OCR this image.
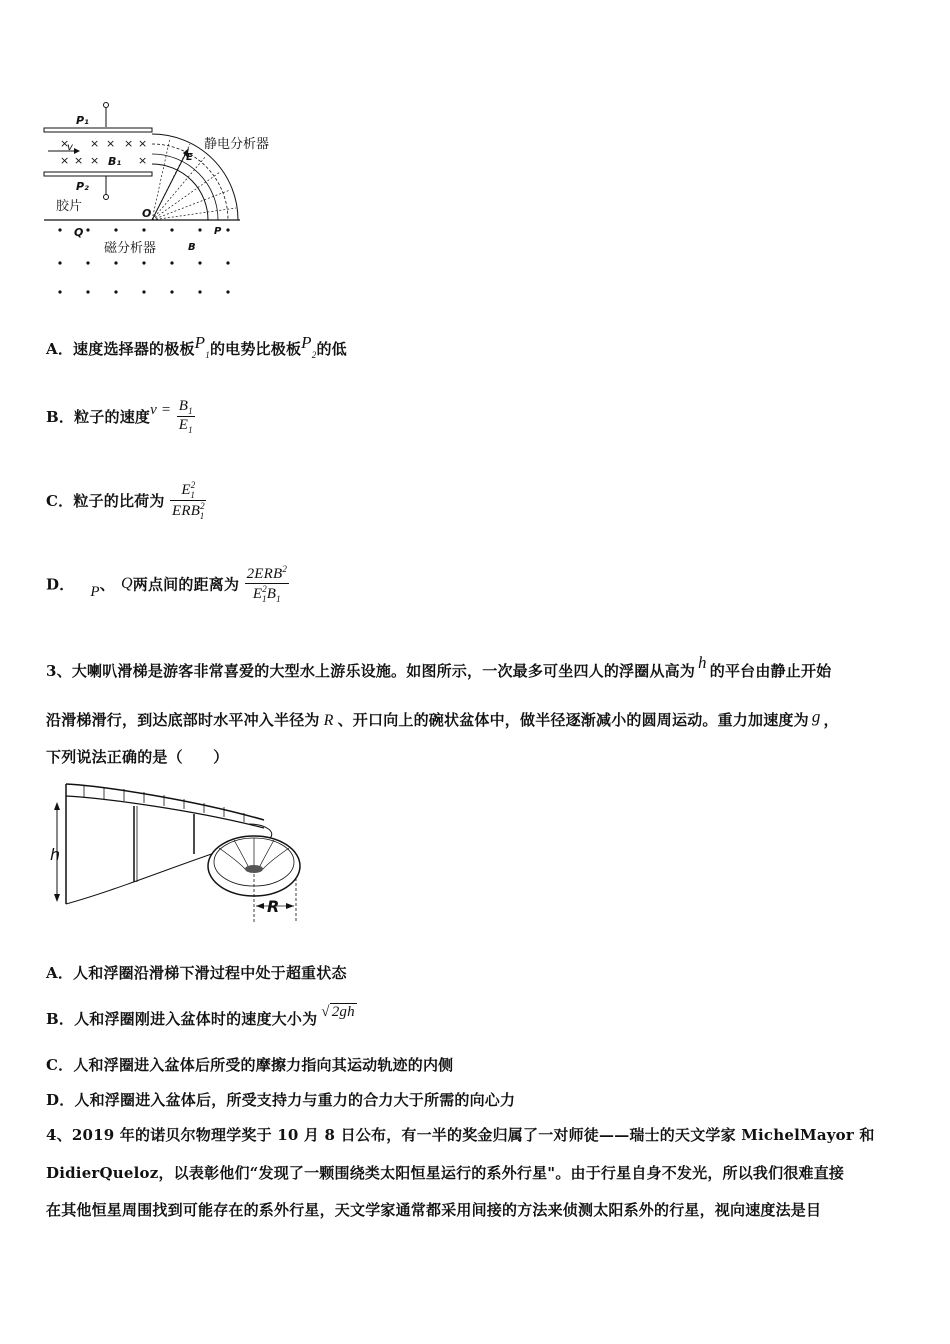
× × × × ×
× × ×	×
v
B₁
P₁
P₂
胶片
E
静电分析器
O
Q	P
磁分析器	B
A．速度选择器的极板$P_1$的电势比极板$P_2$的低
B．粒子的速度$v = \frac{B_1}{E_1}$
C．粒子的比荷为 $\frac{E^2_1}{ERB^2_1}$
D． P、 Q两点间的距离为 $\frac{2ERB^2}{E^2_1B_1}$
3、大喇叭滑梯是游客非常喜爱的大型水上游乐设施。如图所示，一次最多可坐四人的浮圈从高为 h 的平台由静止开始
沿滑梯滑行，到达底部时水平冲入半径为 R 、开口向上的碗状盆体中，做半径逐渐减小的圆周运动。重力加速度为 g ，
下列说法正确的是（　　）
h
R
A．人和浮圈沿滑梯下滑过程中处于超重状态
B．人和浮圈刚进入盆体时的速度大小为 √ 2gh
C．人和浮圈进入盆体后所受的摩擦力指向其运动轨迹的内侧
D．人和浮圈进入盆体后，所受支持力与重力的合力大于所需的向心力
4、2019 年的诺贝尔物理学奖于 10 月 8 日公布，有一半的奖金归属了一对师徒——瑞士的天文学家 MichelMayor 和
DidierQueloz，以表彰他们“发现了一颗围绕类太阳恒星运行的系外行星"。由于行星自身不发光，所以我们很难直接
在其他恒星周围找到可能存在的系外行星，天文学家通常都采用间接的方法来侦测太阳系外的行星，视向速度法是目
